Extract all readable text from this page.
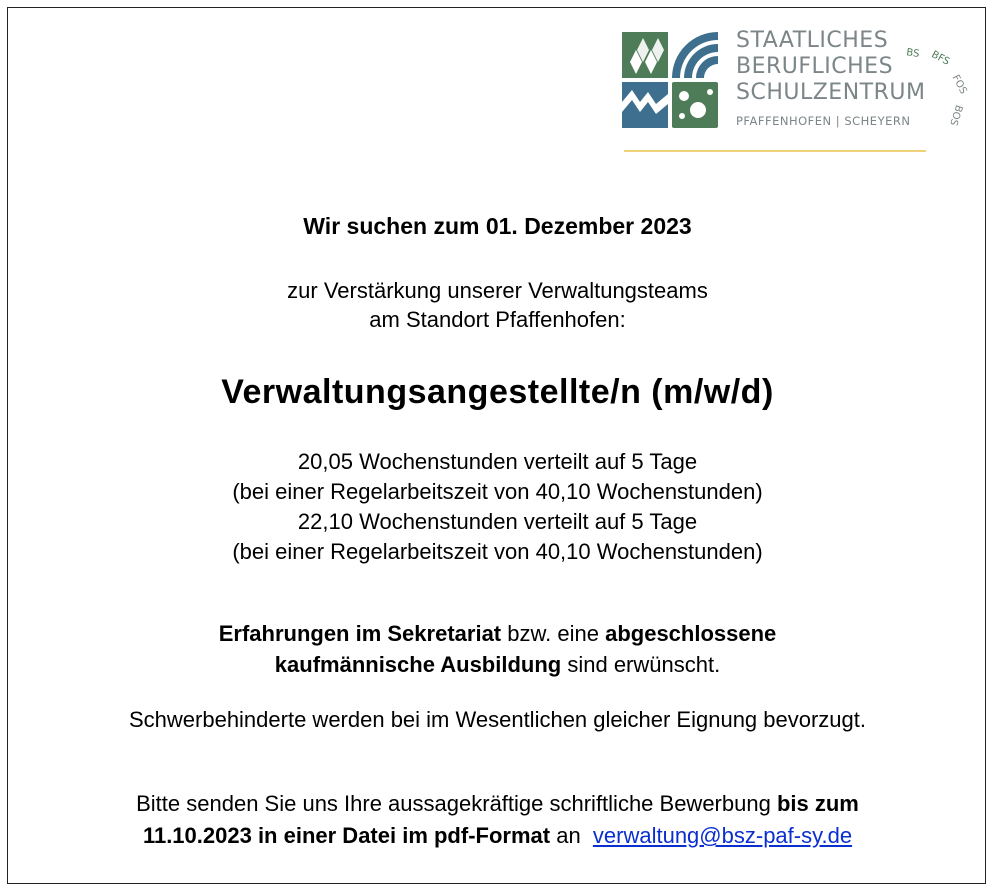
STAATLICHES
BERUFLICHES
SCHULZENTRUM
PFAFFENHOFEN | SCHEYERN
BS BFS
FOS
BOS
Wir suchen zum 01. Dezember 2023
zur Verstärkung unserer Verwaltungsteams
am Standort Pfaffenhofen:
Verwaltungsangestellte/n (m/w/d)
20,05 Wochenstunden verteilt auf 5 Tage
(bei einer Regelarbeitszeit von 40,10 Wochenstunden)
22,10 Wochenstunden verteilt auf 5 Tage
(bei einer Regelarbeitszeit von 40,10 Wochenstunden)
Erfahrungen im Sekretariat bzw. eine abgeschlossene
kaufmännische Ausbildung sind erwünscht.
Schwerbehinderte werden bei im Wesentlichen gleicher Eignung bevorzugt.
Bitte senden Sie uns Ihre aussagekräftige schriftliche Bewerbung bis zum
11.10.2023 in einer Datei im pdf-Format an  verwaltung@bsz-paf-sy.de
